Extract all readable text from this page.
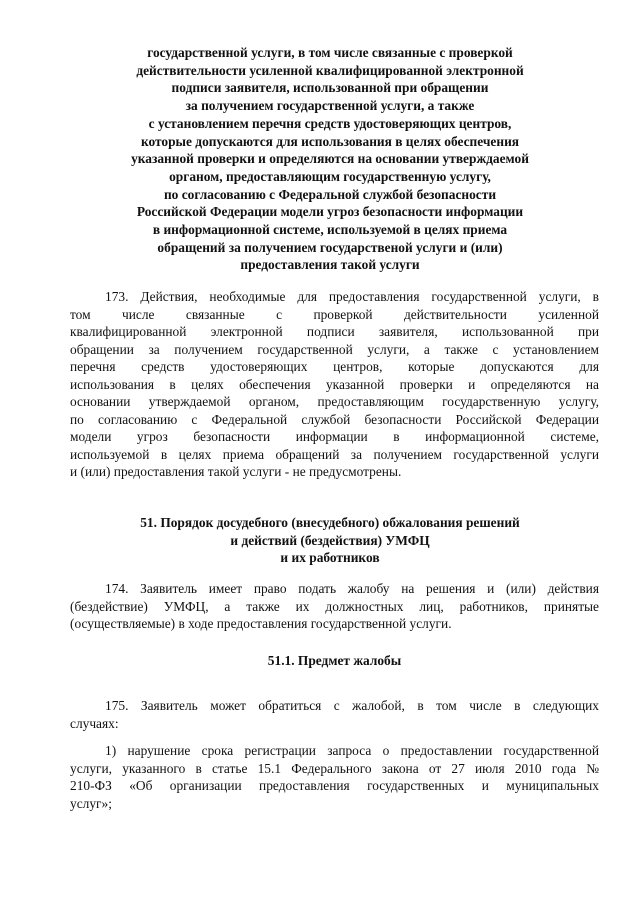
государственной услуги, в том числе связанные с проверкой
действительности усиленной квалифицированной электронной
подписи заявителя, использованной при обращении
за получением государственной услуги, а также
с установлением перечня средств удостоверяющих центров,
которые допускаются для использования в целях обеспечения
указанной проверки и определяются на основании утверждаемой
органом, предоставляющим государственную услугу,
по согласованию с Федеральной службой безопасности
Российской Федерации модели угроз безопасности информации
в информационной системе, используемой в целях приема
обращений за получением государственой услуги и (или)
предоставления такой услуги
173. Действия, необходимые для предоставления государственной услуги, в
том числе связанные с проверкой действительности усиленной
квалифицированной электронной подписи заявителя, использованной при
обращении за получением государственной услуги, а также с установлением
перечня средств удостоверяющих центров, которые допускаются для
использования в целях обеспечения указанной проверки и определяются на
основании утверждаемой органом, предоставляющим государственную услугу,
по согласованию с Федеральной службой безопасности Российской Федерации
модели угроз безопасности информации в информационной системе,
используемой в целях приема обращений за получением государственной услуги
и (или) предоставления такой услуги - не предусмотрены.
51. Порядок досудебного (внесудебного) обжалования решений
и действий (бездействия) УМФЦ
и их работников
174. Заявитель имеет право подать жалобу на решения и (или) действия
(бездействие) УМФЦ, а также их должностных лиц, работников, принятые
(осуществляемые) в ходе предоставления государственной услуги.
51.1. Предмет жалобы
175. Заявитель может обратиться с жалобой, в том числе в следующих
случаях:
1) нарушение срока регистрации запроса о предоставлении государственной
услуги, указанного в статье 15.1 Федерального закона от 27 июля 2010 года №
210-ФЗ «Об организации предоставления государственных и муниципальных
услуг»;
